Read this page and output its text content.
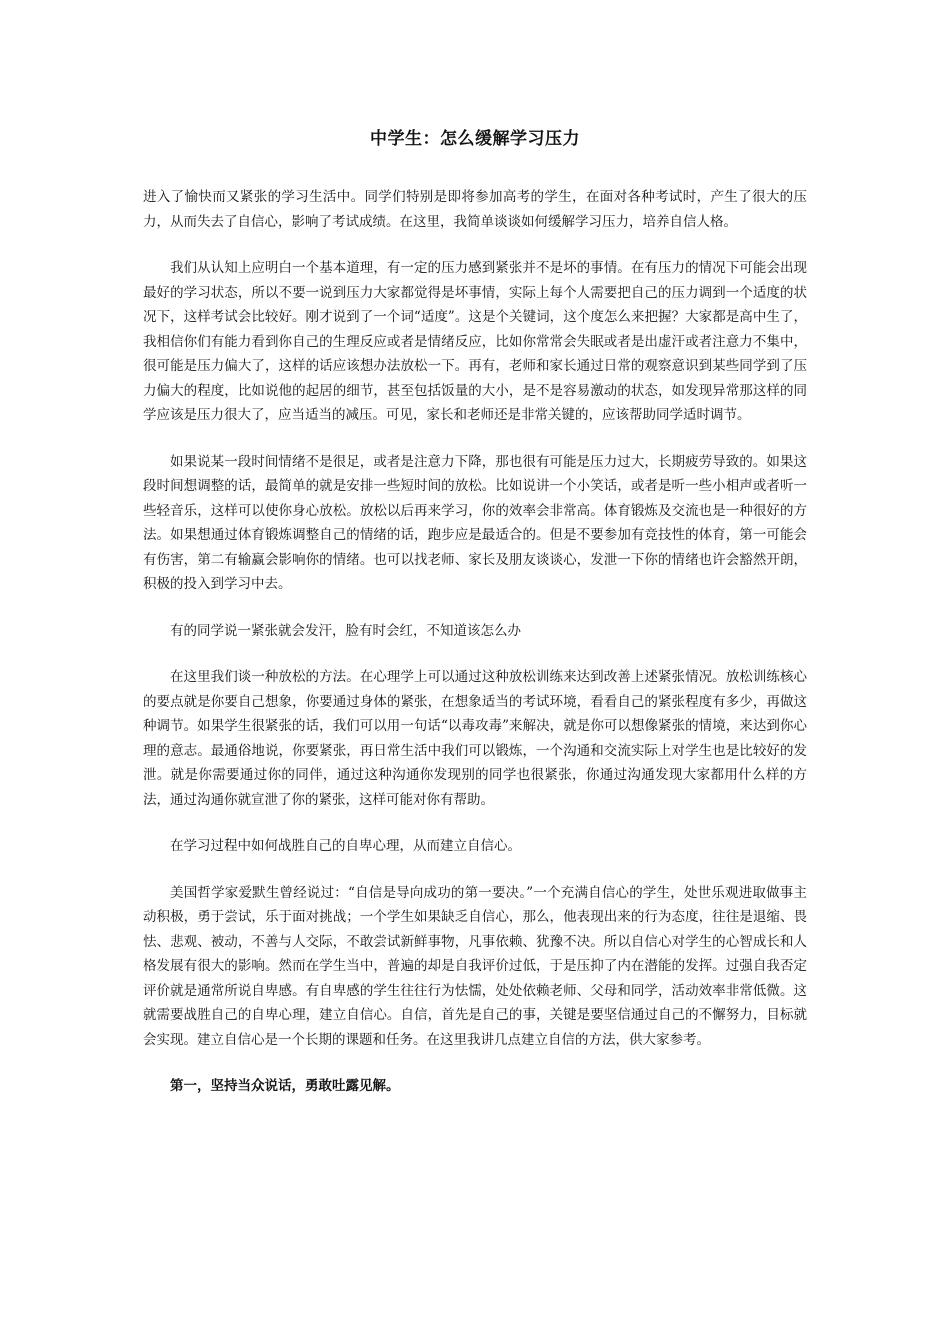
中学生：怎么缓解学习压力

进入了愉快而又紧张的学习生活中。同学们特别是即将参加高考的学生，在面对各种考试时，产生了很大的压力，从而失去了自信心，影响了考试成绩。在这里，我简单谈谈如何缓解学习压力，培养自信人格。

我们从认知上应明白一个基本道理，有一定的压力感到紧张并不是坏的事情。在有压力的情况下可能会出现最好的学习状态，所以不要一说到压力大家都觉得是坏事情，实际上每个人需要把自己的压力调到一个适度的状况下，这样考试会比较好。刚才说到了一个词“适度”。这是个关键词，这个度怎么来把握？大家都是高中生了，我相信你们有能力看到你自己的生理反应或者是情绪反应，比如你常常会失眠或者是出虚汗或者注意力不集中，很可能是压力偏大了，这样的话应该想办法放松一下。再有，老师和家长通过日常的观察意识到某些同学到了压力偏大的程度，比如说他的起居的细节，甚至包括饭量的大小，是不是容易激动的状态，如发现异常那这样的同学应该是压力很大了，应当适当的减压。可见，家长和老师还是非常关键的，应该帮助同学适时调节。

如果说某一段时间情绪不是很足，或者是注意力下降，那也很有可能是压力过大，长期疲劳导致的。如果这段时间想调整的话，最简单的就是安排一些短时间的放松。比如说讲一个小笑话，或者是听一些小相声或者听一些轻音乐，这样可以使你身心放松。放松以后再来学习，你的效率会非常高。体育锻炼及交流也是一种很好的方法。如果想通过体育锻炼调整自己的情绪的话，跑步应是最适合的。但是不要参加有竞技性的体育，第一可能会有伤害，第二有输赢会影响你的情绪。也可以找老师、家长及朋友谈谈心，发泄一下你的情绪也许会豁然开朗，积极的投入到学习中去。

有的同学说一紧张就会发汗，脸有时会红，不知道该怎么办

在这里我们谈一种放松的方法。在心理学上可以通过这种放松训练来达到改善上述紧张情况。放松训练核心的要点就是你要自己想象，你要通过身体的紧张，在想象适当的考试环境，看看自己的紧张程度有多少，再做这种调节。如果学生很紧张的话，我们可以用一句话“以毒攻毒”来解决，就是你可以想像紧张的情境，来达到你心理的意志。最通俗地说，你要紧张，再日常生活中我们可以锻炼，一个沟通和交流实际上对学生也是比较好的发泄。就是你需要通过你的同伴，通过这种沟通你发现别的同学也很紧张，你通过沟通发现大家都用什么样的方法，通过沟通你就宣泄了你的紧张，这样可能对你有帮助。

在学习过程中如何战胜自己的自卑心理，从而建立自信心。

美国哲学家爱默生曾经说过：“自信是导向成功的第一要决。”一个充满自信心的学生，处世乐观进取做事主动积极，勇于尝试，乐于面对挑战；一个学生如果缺乏自信心，那么，他表现出来的行为态度，往往是退缩、畏怯、悲观、被动，不善与人交际，不敢尝试新鲜事物，凡事依赖、犹豫不决。所以自信心对学生的心智成长和人格发展有很大的影响。然而在学生当中，普遍的却是自我评价过低，于是压抑了内在潜能的发挥。过强自我否定评价就是通常所说自卑感。有自卑感的学生往往行为怯懦，处处依赖老师、父母和同学，活动效率非常低微。这就需要战胜自己的自卑心理，建立自信心。自信，首先是自己的事，关键是要坚信通过自己的不懈努力，目标就会实现。建立自信心是一个长期的课题和任务。在这里我讲几点建立自信的方法，供大家参考。

第一，坚持当众说话，勇敢吐露见解。
